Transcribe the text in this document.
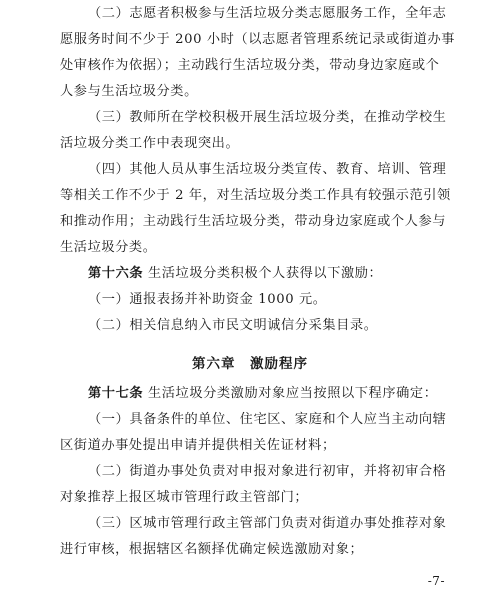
（二）志愿者积极参与生活垃圾分类志愿服务工作，全年志
愿服务时间不少于 200 小时（以志愿者管理系统记录或街道办事
处审核作为依据）；主动践行生活垃圾分类，带动身边家庭或个
人参与生活垃圾分类。
（三）教师所在学校积极开展生活垃圾分类，在推动学校生
活垃圾分类工作中表现突出。
（四）其他人员从事生活垃圾分类宣传、教育、培训、管理
等相关工作不少于 2 年，对生活垃圾分类工作具有较强示范引领
和推动作用；主动践行生活垃圾分类，带动身边家庭或个人参与
生活垃圾分类。
第十六条 生活垃圾分类积极个人获得以下激励：
（一）通报表扬并补助资金 1000 元。
（二）相关信息纳入市民文明诚信分采集目录。
第六章　激励程序
第十七条 生活垃圾分类激励对象应当按照以下程序确定：
（一）具备条件的单位、住宅区、家庭和个人应当主动向辖
区街道办事处提出申请并提供相关佐证材料；
（二）街道办事处负责对申报对象进行初审，并将初审合格
对象推荐上报区城市管理行政主管部门；
（三）区城市管理行政主管部门负责对街道办事处推荐对象
进行审核，根据辖区名额择优确定候选激励对象；
-7-
